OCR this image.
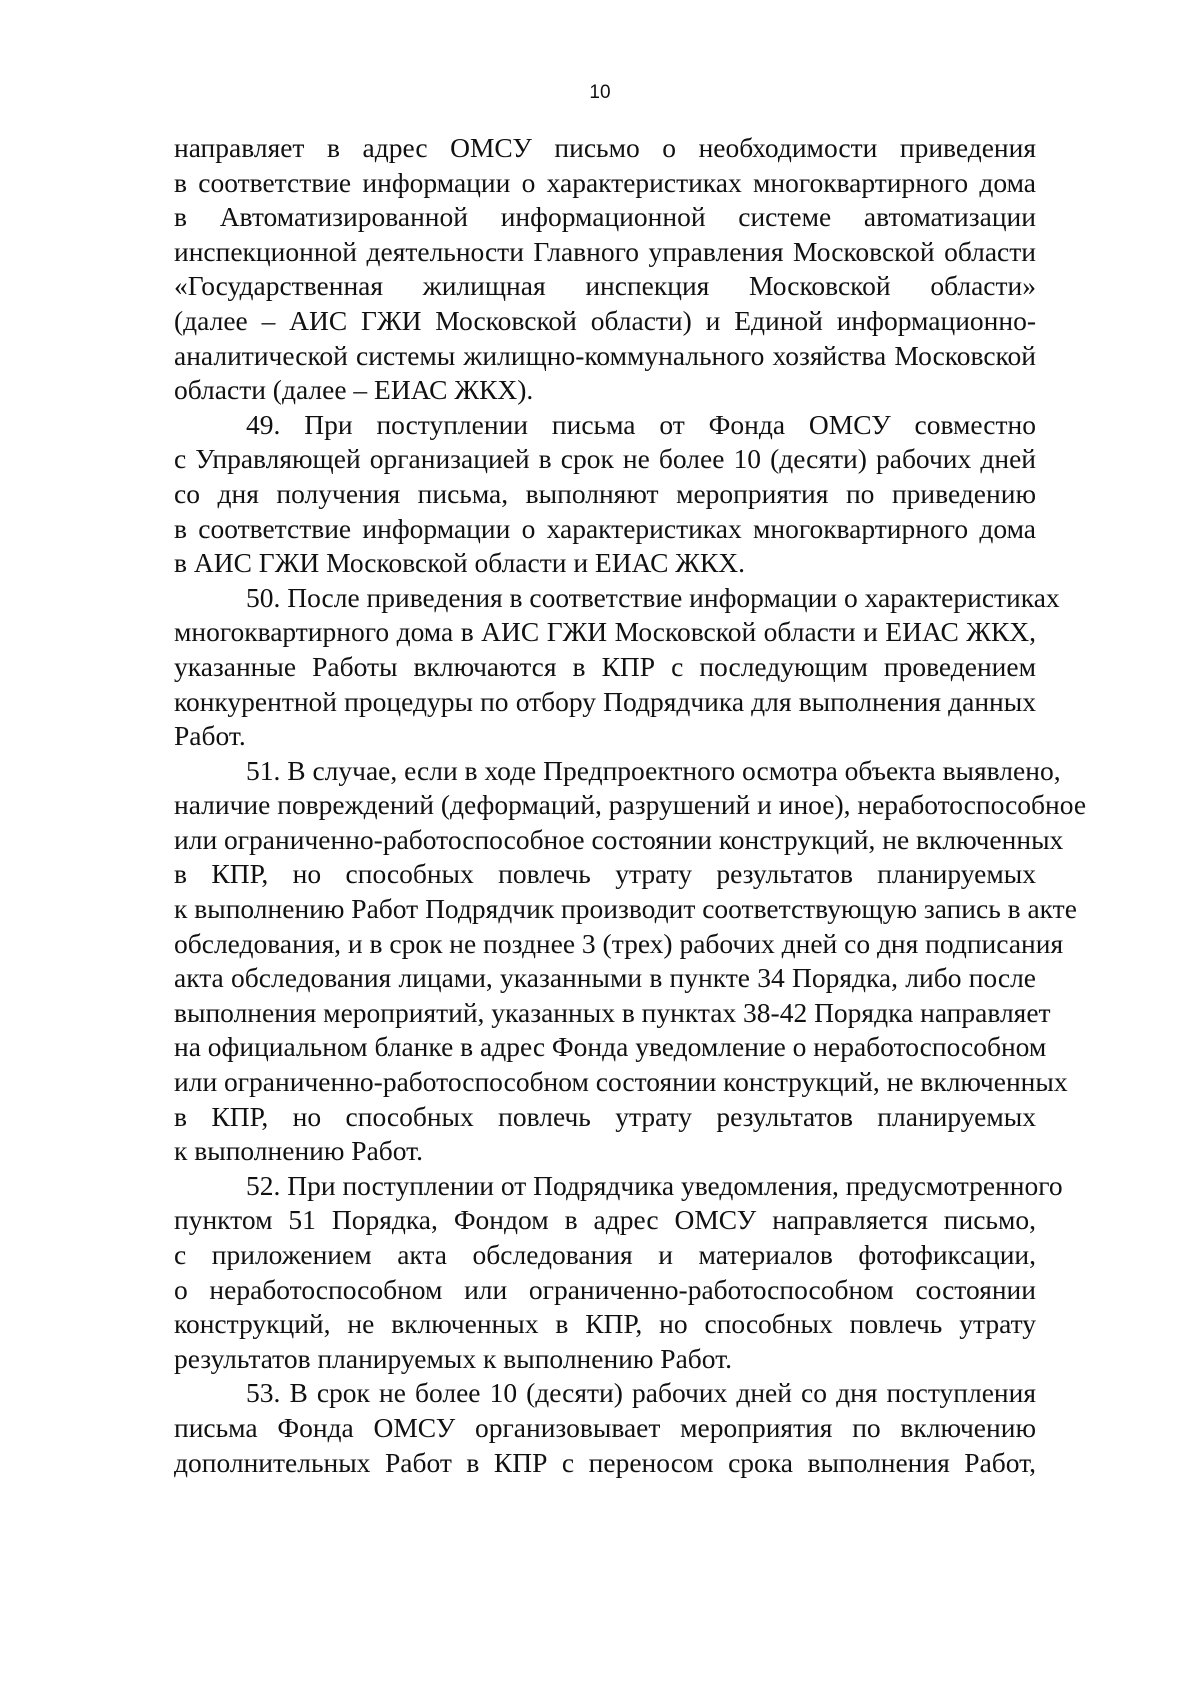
10

направляет в адрес ОМСУ письмо о необходимости приведения
в соответствие информации о характеристиках многоквартирного дома
в Автоматизированной информационной системе автоматизации
инспекционной деятельности Главного управления Московской области
«Государственная жилищная инспекция Московской области»
(далее – АИС ГЖИ Московской области) и Единой информационно-
аналитической системы жилищно-коммунального хозяйства Московской
области (далее – ЕИАС ЖКХ).

49. При поступлении письма от Фонда ОМСУ совместно
с Управляющей организацией в срок не более 10 (десяти) рабочих дней
со дня получения письма, выполняют мероприятия по приведению
в соответствие информации о характеристиках многоквартирного дома
в АИС ГЖИ Московской области и ЕИАС ЖКХ.

50. После приведения в соответствие информации о характеристиках
многоквартирного дома в АИС ГЖИ Московской области и ЕИАС ЖКХ,
указанные Работы включаются в КПР с последующим проведением
конкурентной процедуры по отбору Подрядчика для выполнения данных
Работ.

51. В случае, если в ходе Предпроектного осмотра объекта выявлено,
наличие повреждений (деформаций, разрушений и иное), неработоспособное
или ограниченно-работоспособное состоянии конструкций, не включенных
в КПР, но способных повлечь утрату результатов планируемых
к выполнению Работ Подрядчик производит соответствующую запись в акте
обследования, и в срок не позднее 3 (трех) рабочих дней со дня подписания
акта обследования лицами, указанными в пункте 34 Порядка, либо после
выполнения мероприятий, указанных в пунктах 38-42 Порядка направляет
на официальном бланке в адрес Фонда уведомление о неработоспособном
или ограниченно-работоспособном состоянии конструкций, не включенных
в КПР, но способных повлечь утрату результатов планируемых
к выполнению Работ.

52. При поступлении от Подрядчика уведомления, предусмотренного
пунктом 51 Порядка, Фондом в адрес ОМСУ направляется письмо,
с приложением акта обследования и материалов фотофиксации,
о неработоспособном или ограниченно-работоспособном состоянии
конструкций, не включенных в КПР, но способных повлечь утрату
результатов планируемых к выполнению Работ.

53. В срок не более 10 (десяти) рабочих дней со дня поступления
письма Фонда ОМСУ организовывает мероприятия по включению
дополнительных Работ в КПР с переносом срока выполнения Работ,
